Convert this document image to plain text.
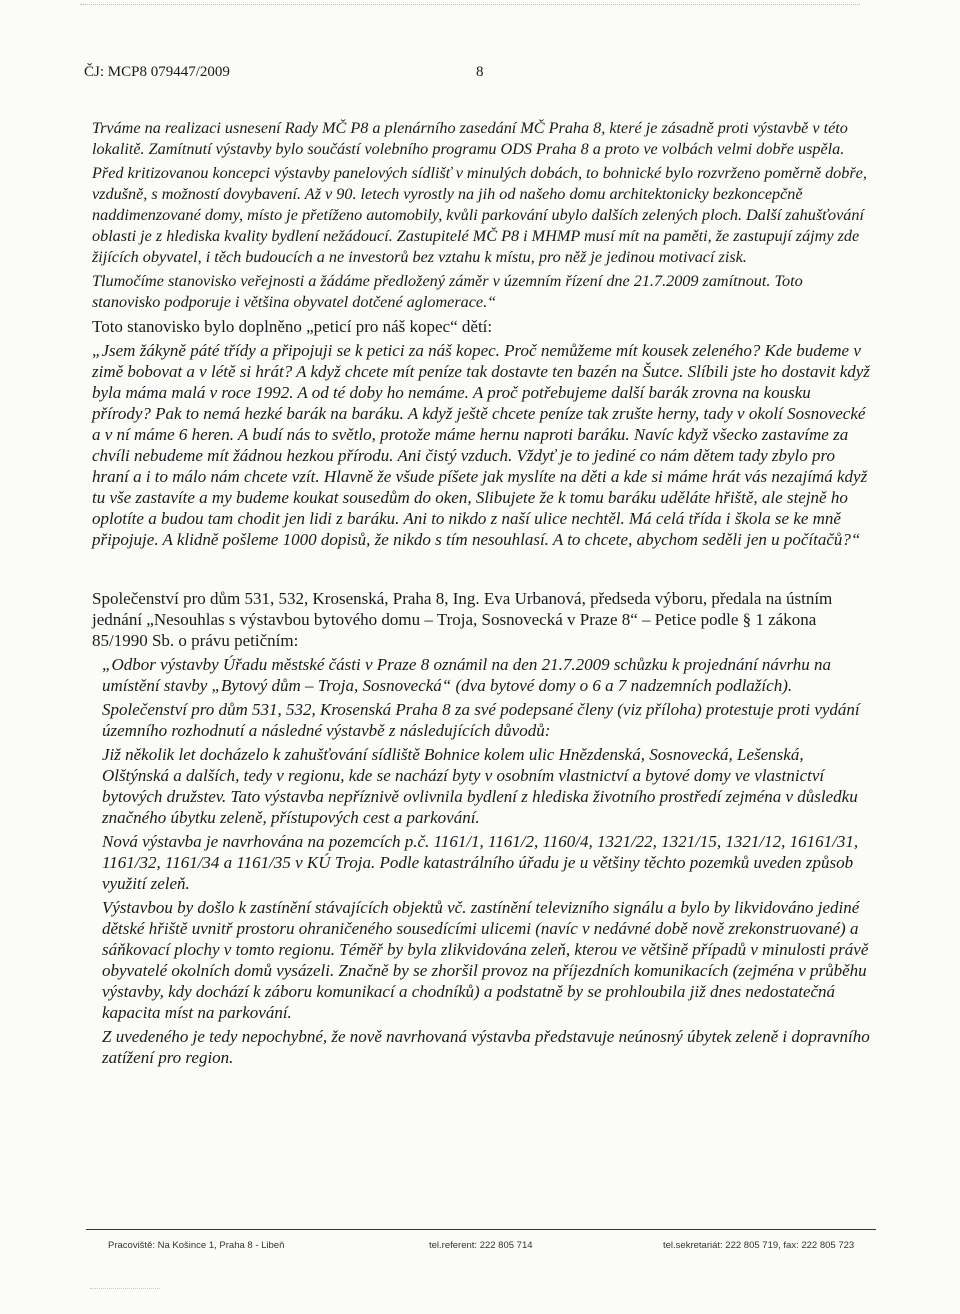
ČJ: MCP8 079447/2009	8

Trváme na realizaci usnesení Rady MČ P8 a plenárního zasedání MČ Praha 8, které je zásadně proti výstavbě v této lokalitě. Zamítnutí výstavby bylo součástí volebního programu ODS Praha 8 a proto ve volbách velmi dobře uspěla.

Před kritizovanou koncepci výstavby panelových sídlišť v minulých dobách, to bohnické bylo rozvrženo poměrně dobře, vzdušně, s možností dovybavení. Až v 90. letech vyrostly na jih od našeho domu architektonicky bezkoncepčně naddimenzované domy, místo je přetíženo automobily, kvůli parkování ubylo dalších zelených ploch. Další zahušťování oblasti je z hlediska kvality bydlení nežádoucí. Zastupitelé MČ P8 i MHMP musí mít na paměti, že zastupují zájmy zde žijících obyvatel, i těch budoucích a ne investorů bez vztahu k místu, pro něž je jedinou motivací zisk.

Tlumočíme stanovisko veřejnosti a žádáme předložený záměr v územním řízení dne 21.7.2009 zamítnout. Toto stanovisko podporuje i většina obyvatel dotčené aglomerace.“

Toto stanovisko bylo doplněno „peticí pro náš kopec“ dětí:

„Jsem žákyně páté třídy a připojuji se k petici za náš kopec. Proč nemůžeme mít kousek zeleného? Kde budeme v zimě bobovat a v létě si hrát? A když chcete mít peníze tak dostavte ten bazén na Šutce. Slíbili jste ho dostavit když byla máma malá v roce 1992. A od té doby ho nemáme. A proč potřebujeme další barák zrovna na kousku přírody? Pak to nemá hezké barák na baráku. A když ještě chcete peníze tak zrušte herny, tady v okolí Sosnovecké a v ní máme 6 heren. A budí nás to světlo, protože máme hernu naproti baráku. Navíc když všecko zastavíme za chvíli nebudeme mít žádnou hezkou přírodu. Ani čistý vzduch. Vždyť je to jediné co nám dětem tady zbylo pro hraní a i to málo nám chcete vzít. Hlavně že všude píšete jak myslíte na děti a kde si máme hrát vás nezajímá když tu vše zastavíte a my budeme koukat sousedům do oken, Slibujete že k tomu baráku uděláte hřiště, ale stejně ho oplotíte a budou tam chodit jen lidi z baráku. Ani to nikdo z naší ulice nechtěl. Má celá třída i škola se ke mně připojuje. A klidně pošleme 1000 dopisů, že nikdo s tím nesouhlasí. A to chcete, abychom seděli jen u počítačů?“

Společenství pro dům 531, 532, Krosenská, Praha 8, Ing. Eva Urbanová, předseda výboru, předala na ústním jednání „Nesouhlas s výstavbou bytového domu – Troja, Sosnovecká v Praze 8“ – Petice podle § 1 zákona 85/1990 Sb. o právu petičním:

„Odbor výstavby Úřadu městské části v Praze 8 oznámil na den 21.7.2009 schůzku k projednání návrhu na umístění stavby „Bytový dům – Troja, Sosnovecká“ (dva bytové domy o 6 a 7 nadzemních podlažích).

Společenství pro dům 531, 532, Krosenská Praha 8 za své podepsané členy (viz příloha) protestuje proti vydání územního rozhodnutí a následné výstavbě z následujících důvodů:

Již několik let docházelo k zahušťování sídliště Bohnice kolem ulic Hnězdenská, Sosnovecká, Lešenská, Olštýnská a dalších, tedy v regionu, kde se nachází byty v osobním vlastnictví a bytové domy ve vlastnictví bytových družstev. Tato výstavba nepříznivě ovlivnila bydlení z hlediska životního prostředí zejména v důsledku značného úbytku zeleně, přístupových cest a parkování.

Nová výstavba je navrhována na pozemcích p.č. 1161/1, 1161/2, 1160/4, 1321/22, 1321/15, 1321/12, 16161/31, 1161/32, 1161/34 a 1161/35 v KÚ Troja. Podle katastrálního úřadu je u většiny těchto pozemků uveden způsob využití zeleň.

Výstavbou by došlo k zastínění stávajících objektů vč. zastínění televizního signálu a bylo by likvidováno jediné dětské hřiště uvnitř prostoru ohraničeného sousedícími ulicemi (navíc v nedávné době nově zrekonstruované) a sáňkovací plochy v tomto regionu. Téměř by byla zlikvidována zeleň, kterou ve většině případů v minulosti právě obyvatelé okolních domů vysázeli. Značně by se zhoršil provoz na příjezdních komunikacích (zejména v průběhu výstavby, kdy dochází k záboru komunikací a chodníků) a podstatně by se prohloubila již dnes nedostatečná kapacita míst na parkování.

Z uvedeného je tedy nepochybné, že nově navrhovaná výstavba představuje neúnosný úbytek zeleně i dopravního zatížení pro region.

Pracoviště: Na Košince 1, Praha 8 - Libeň	tel.referent: 222 805 714	tel.sekretariát: 222 805 719, fax: 222 805 723
